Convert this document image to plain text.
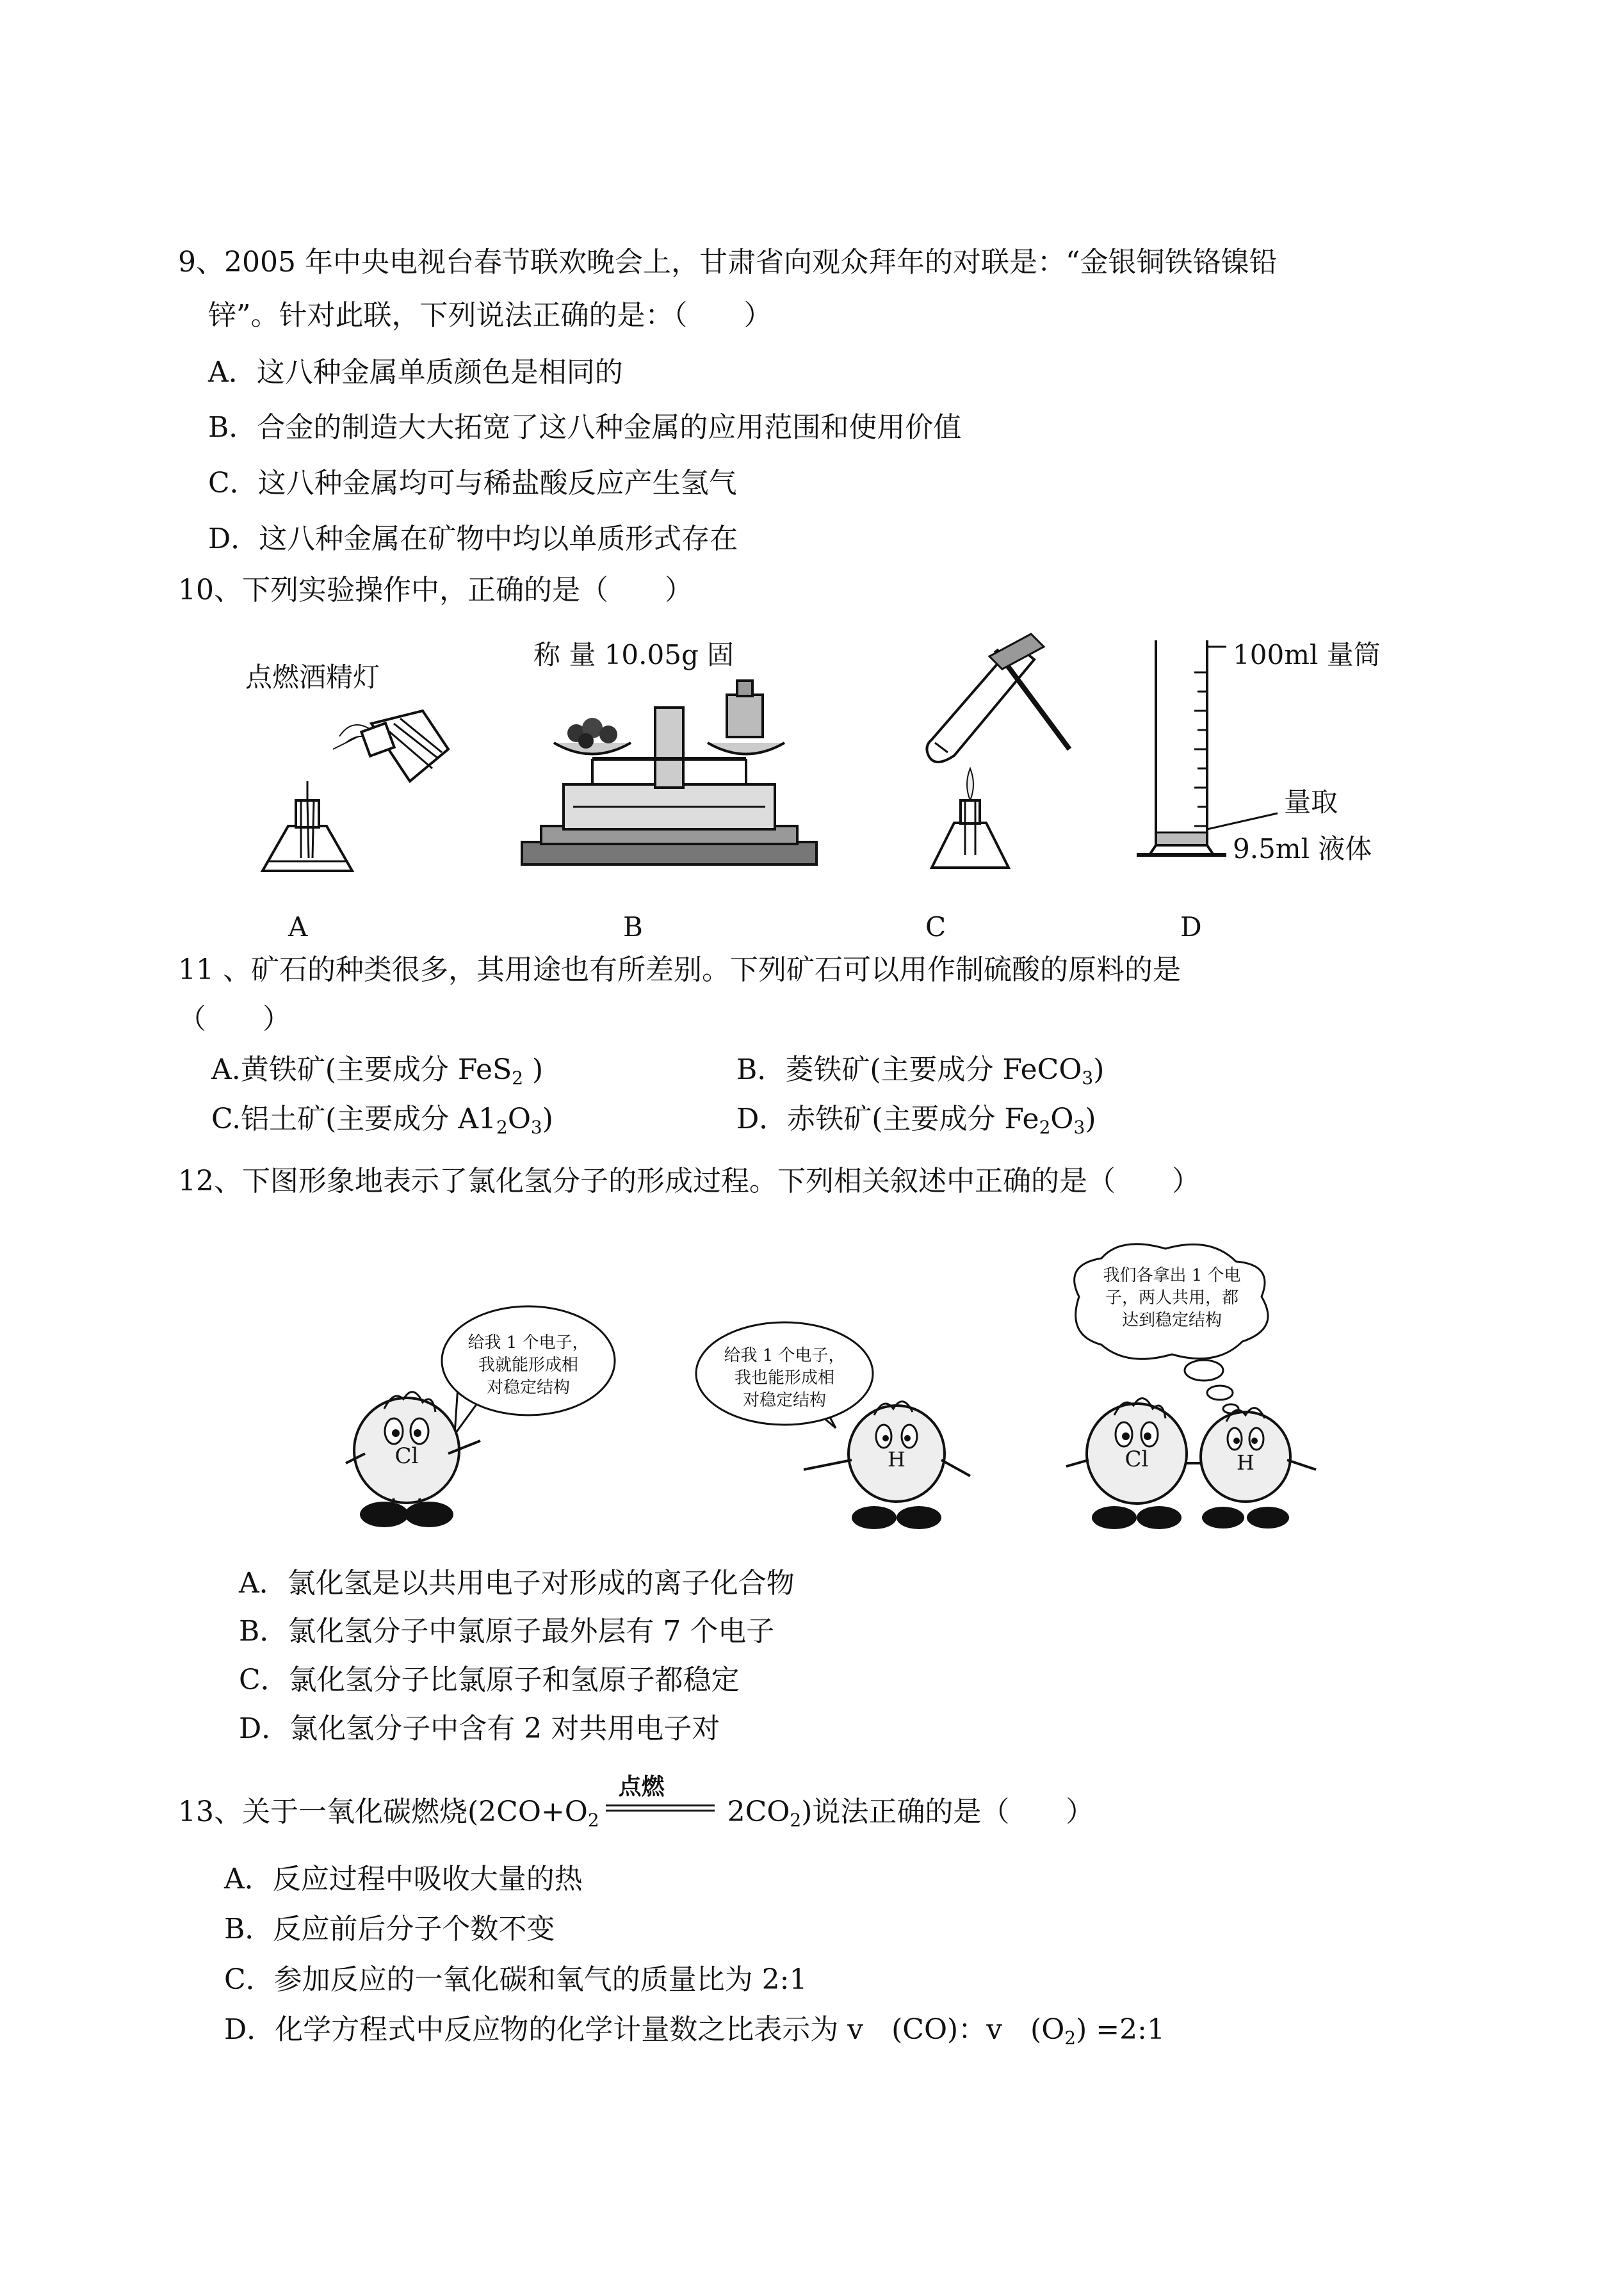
9、2005 年中央电视台春节联欢晚会上，甘肃省向观众拜年的对联是：“金银铜铁铬镍铅
锌”。针对此联，下列说法正确的是：（　　）
A．这八种金属单质颜色是相同的
B．合金的制造大大拓宽了这八种金属的应用范围和使用价值
C．这八种金属均可与稀盐酸反应产生氢气
D．这八种金属在矿物中均以单质形式存在
10、下列实验操作中，正确的是（　　）
点燃酒精灯
称 量 10.05g 固	100ml 量筒
量取
9.5ml 液体
A	B	C	D
11 、矿石的种类很多，其用途也有所差别。下列矿石可以用作制硫酸的原料的是
（　　）
A.黄铁矿(主要成分 FeS$_2$ )	B．菱铁矿(主要成分 FeCO$_3$)
C.铝土矿(主要成分 $A1_2O_3$)	D．赤铁矿(主要成分 $Fe_2O_3$)
12、下图形象地表示了氯化氢分子的形成过程。下列相关叙述中正确的是（　　）
给我 1 个电子，
我就能形成相
对稳定结构
Cl
给我 1 个电子，
我也能形成相
对稳定结构
H
我们各拿出 1 个电
子，两人共用，都
达到稳定结构
Cl	H
A．氯化氢是以共用电子对形成的离子化合物
B．氯化氢分子中氯原子最外层有 7 个电子
C．氯化氢分子比氯原子和氢原子都稳定
D．氯化氢分子中含有 2 对共用电子对
13、关于一氧化碳燃烧($2CO+O_2$
点燃
$2CO_2$)说法正确的是（　　）
A．反应过程中吸收大量的热
B．反应前后分子个数不变
C．参加反应的一氧化碳和氧气的质量比为 2:1
D．化学方程式中反应物的化学计量数之比表示为 v　(CO)：v　$(O_2)$ =2:1
